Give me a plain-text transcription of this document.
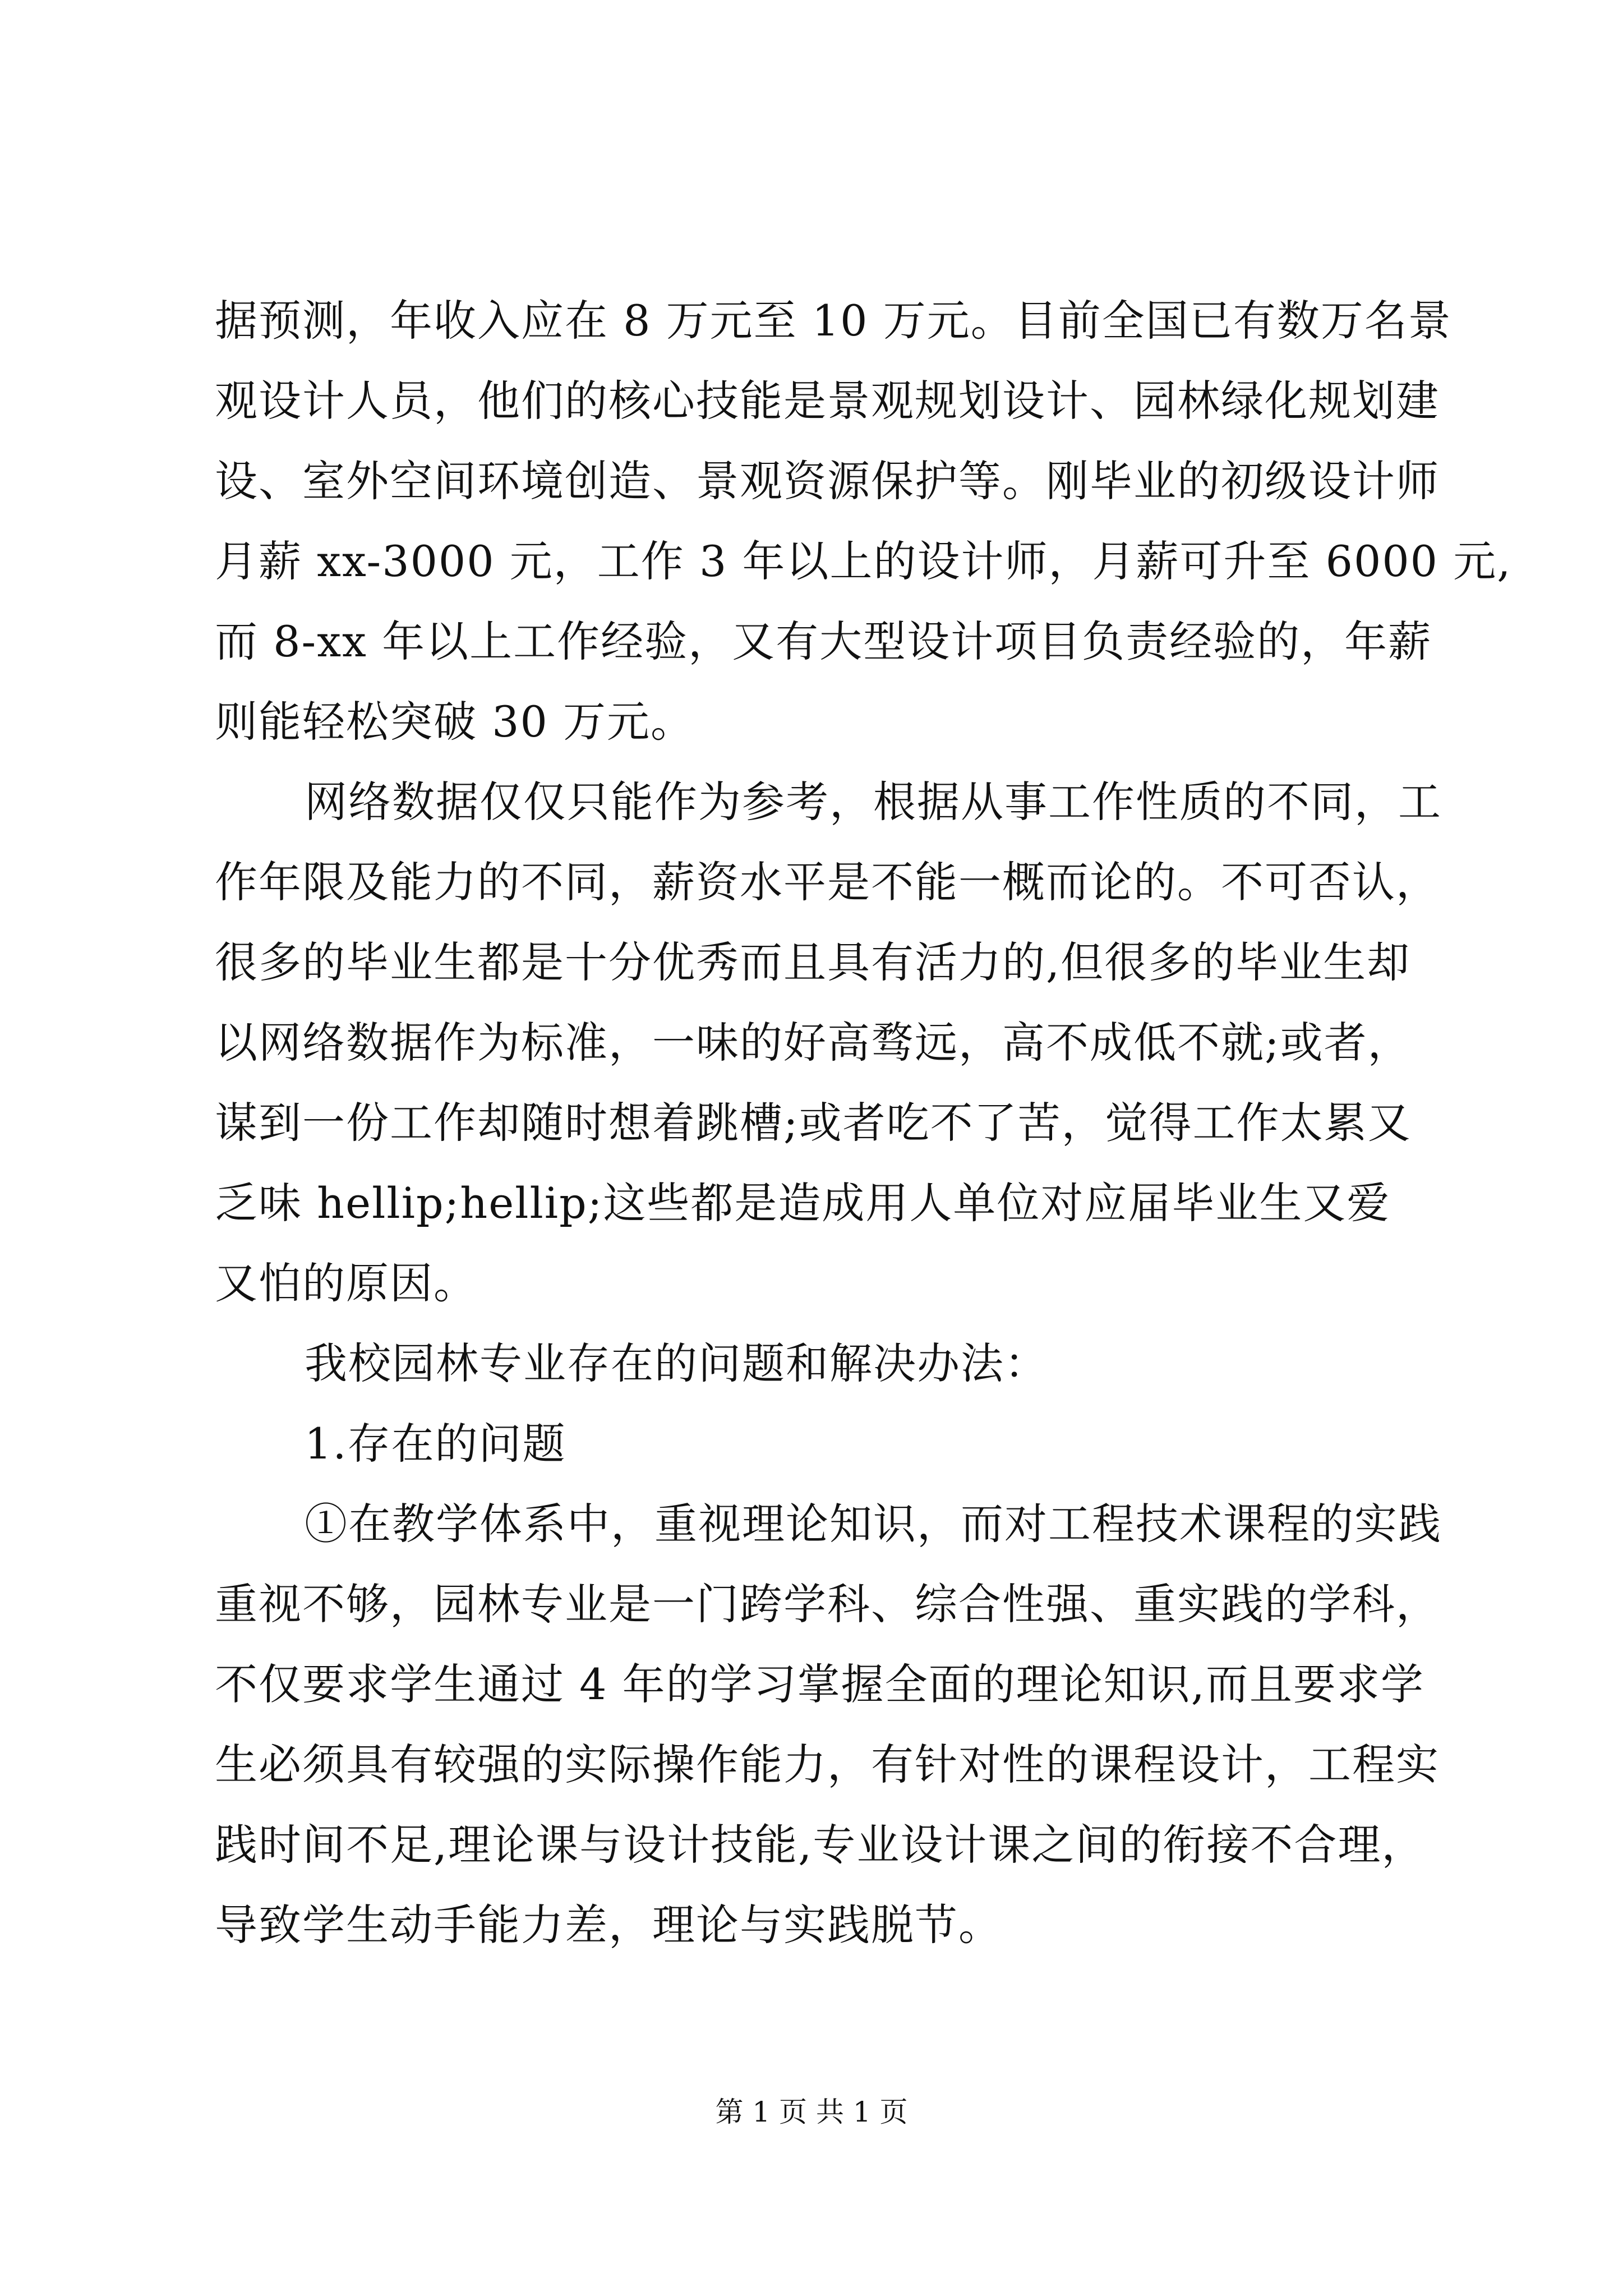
据预测，年收入应在 8 万元至 10 万元。目前全国已有数万名景
观设计人员，他们的核心技能是景观规划设计、园林绿化规划建
设、室外空间环境创造、景观资源保护等。刚毕业的初级设计师
月薪 xx-3000 元，工作 3 年以上的设计师，月薪可升至 6000 元,
而 8-xx 年以上工作经验，又有大型设计项目负责经验的，年薪
则能轻松突破 30 万元。
网络数据仅仅只能作为参考，根据从事工作性质的不同，工
作年限及能力的不同，薪资水平是不能一概而论的。不可否认，
很多的毕业生都是十分优秀而且具有活力的,但很多的毕业生却
以网络数据作为标准，一味的好高骛远，高不成低不就;或者，
谋到一份工作却随时想着跳槽;或者吃不了苦，觉得工作太累又
乏味 hellip;hellip;这些都是造成用人单位对应届毕业生又爱
又怕的原因。
我校园林专业存在的问题和解决办法：
1.存在的问题
①在教学体系中，重视理论知识，而对工程技术课程的实践
重视不够，园林专业是一门跨学科、综合性强、重实践的学科，
不仅要求学生通过 4 年的学习掌握全面的理论知识,而且要求学
生必须具有较强的实际操作能力，有针对性的课程设计，工程实
践时间不足,理论课与设计技能,专业设计课之间的衔接不合理，
导致学生动手能力差，理论与实践脱节。
第 1 页 共 1 页
